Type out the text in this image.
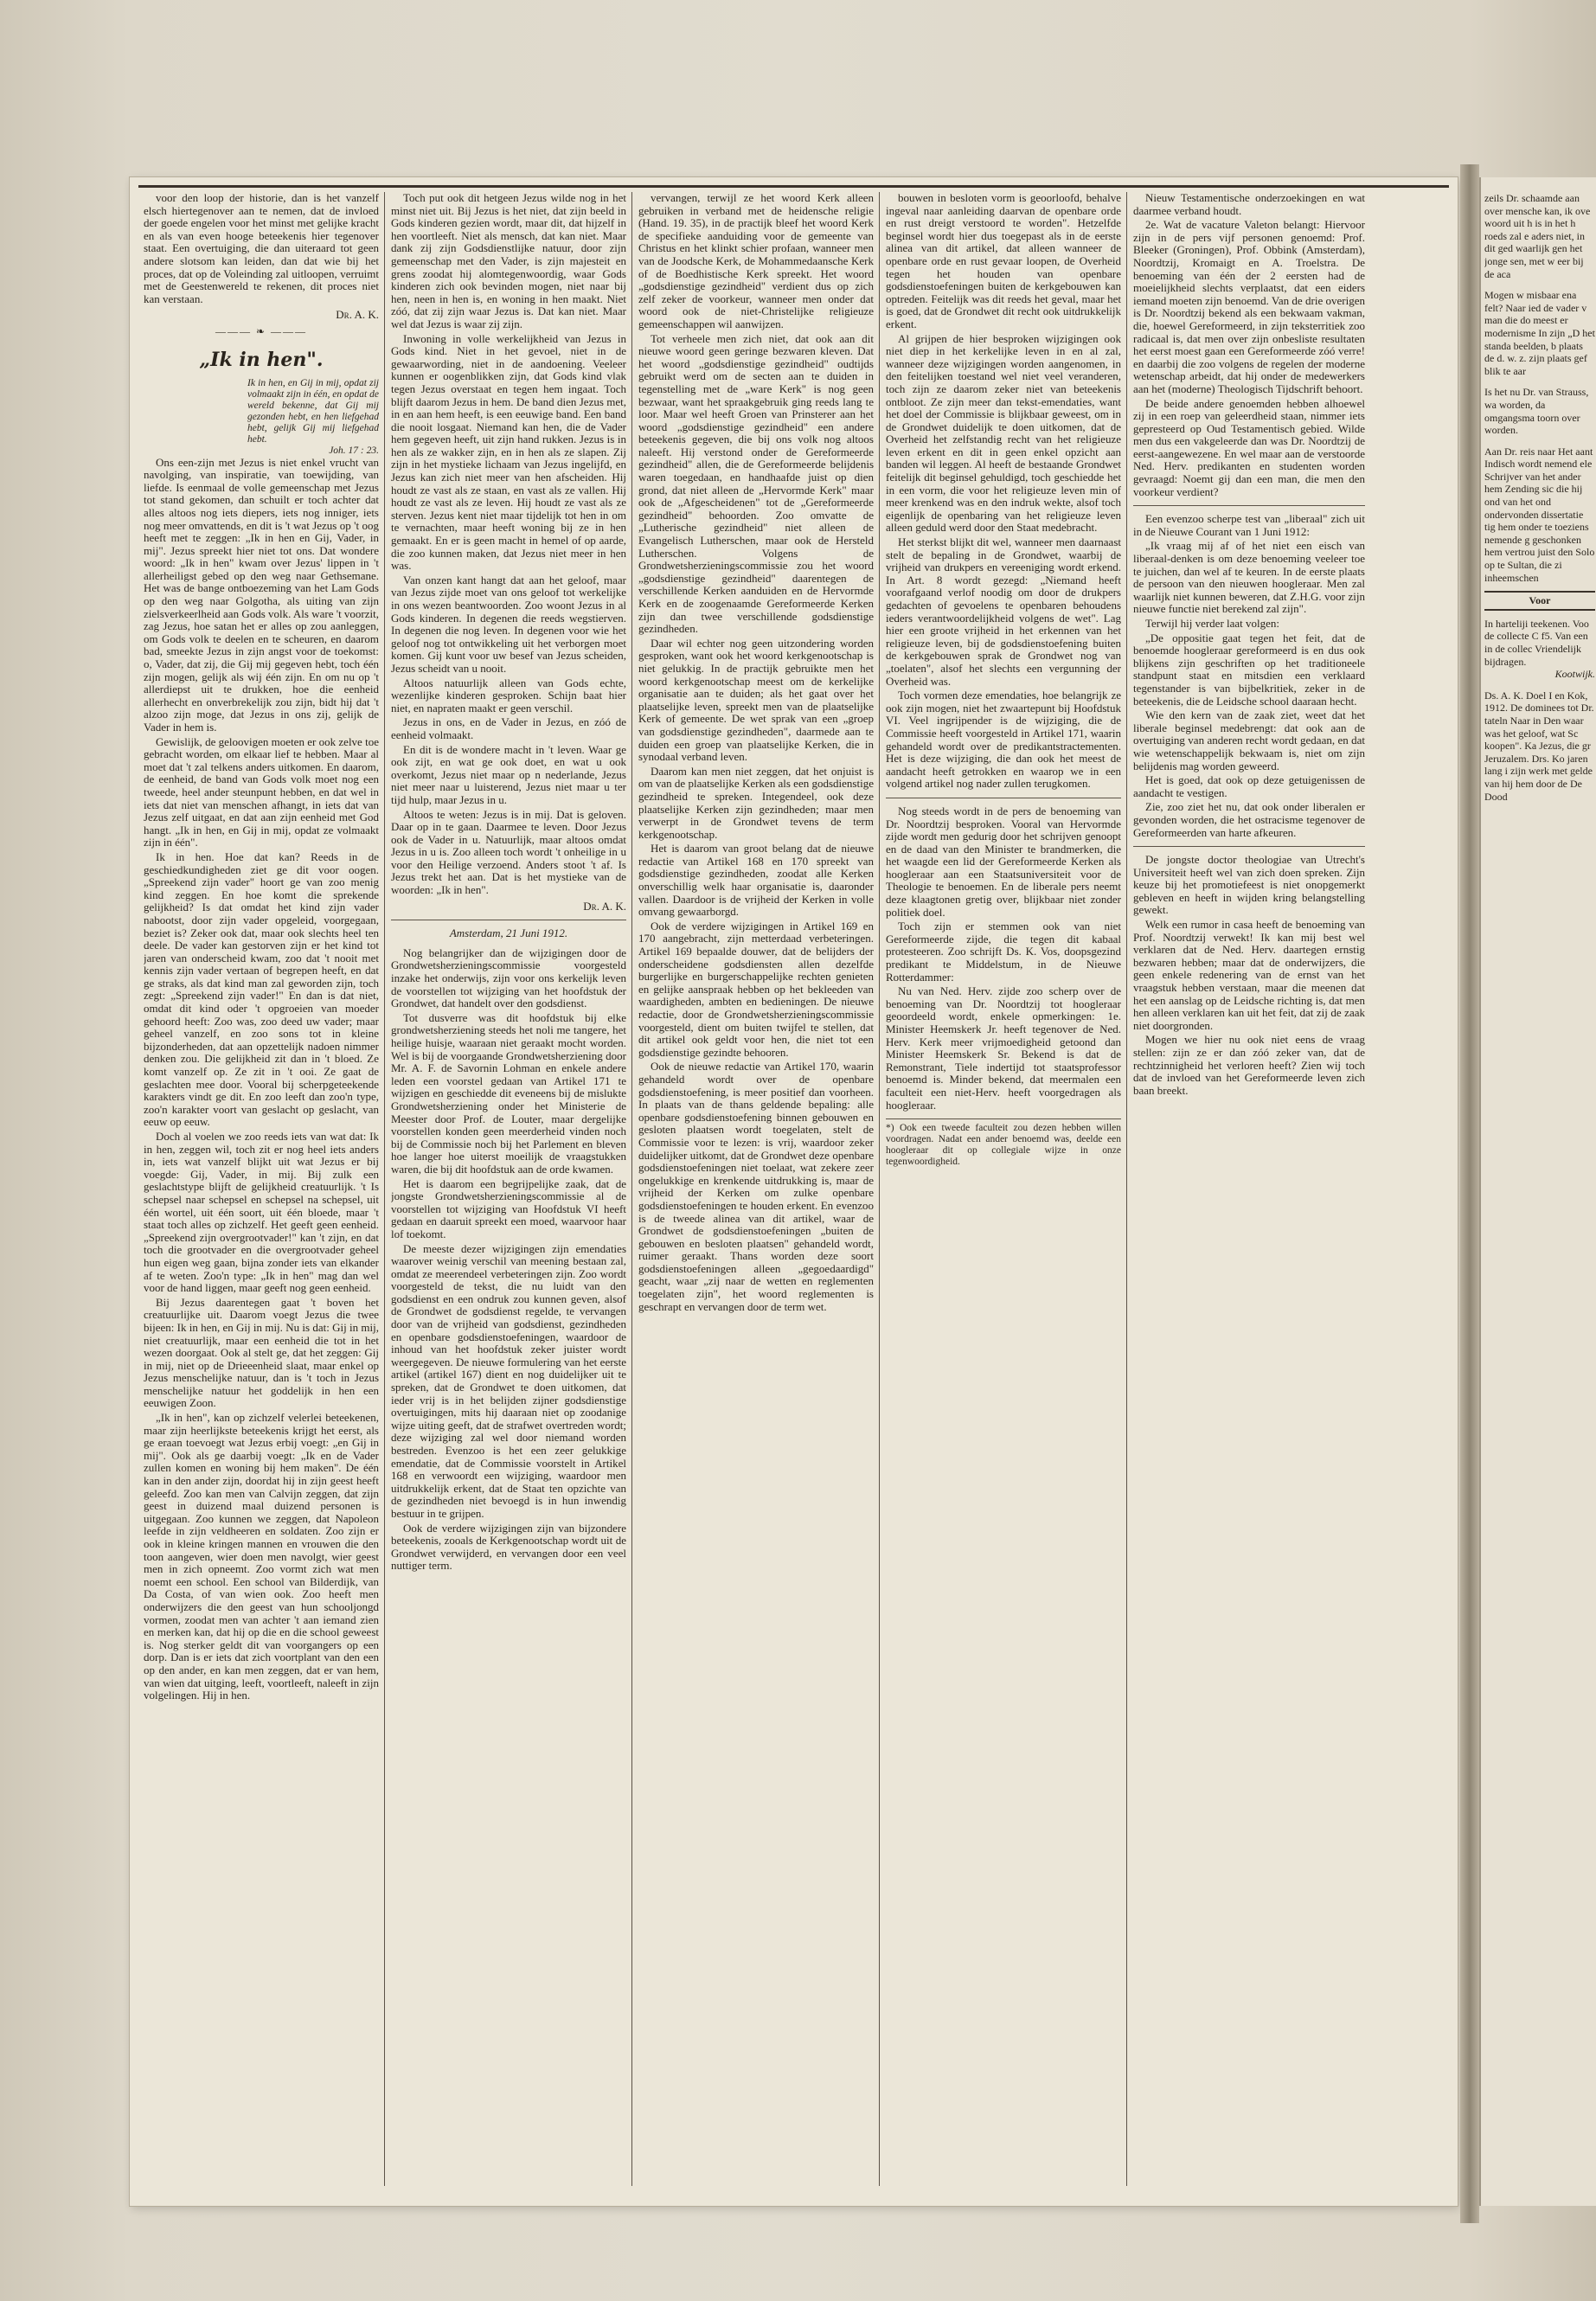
voor den loop der historie, dan is het vanzelf elsch hiertegenover aan te nemen, dat de invloed der goede engelen voor het minst met gelijke kracht en als van even hooge beteekenis hier tegenover staat. Een overtuiging, die dan uiteraard tot geen andere slotsom kan leiden, dan dat wie bij het proces, dat op de Voleinding zal uitloopen, verruimt met de Geestenwereld te rekenen, dit proces niet kan verstaan.

Dr. A. K.
——— ❧ ———
„Ik in hen".
Ik in hen, en Gij in mij, opdat zij volmaakt zijn in één, en opdat de wereld bekenne, dat Gij mij gezonden hebt, en hen liefgehad hebt, gelijk Gij mij liefgehad hebt.
Joh. 17 : 23.

Ons een-zijn met Jezus is niet enkel vrucht van navolging, van inspiratie, van toewijding, van liefde. Is eenmaal de volle gemeenschap met Jezus tot stand gekomen, dan schuilt er toch achter dat alles altoos nog iets diepers, iets nog inniger, iets nog meer omvattends, en dit is 't wat Jezus op 't oog heeft met te zeggen: „Ik in hen en Gij, Vader, in mij". Jezus spreekt hier niet tot ons. Dat wondere woord: „Ik in hen" kwam over Jezus' lippen in 't allerheiligst gebed op den weg naar Gethsemane. Het was de bange ontboezeming van het Lam Gods op den weg naar Golgotha, als uiting van zijn zielsverkeerlheid aan Gods volk. Als ware 't voorzit, zag Jezus, hoe satan het er alles op zou aanleggen, om Gods volk te deelen en te scheuren, en daarom bad, smeekte Jezus in zijn angst voor de toekomst: o, Vader, dat zij, die Gij mij gegeven hebt, toch één zijn mogen, gelijk als wij één zijn. En om nu op 't allerdiepst uit te drukken, hoe die eenheid allerhecht en onverbrekelijk zou zijn, bidt hij dat 't alzoo zijn moge, dat Jezus in ons zij, gelijk de Vader in hem is.

Gewislijk, de geloovigen moeten er ook zelve toe gebracht worden, om elkaar lief te hebben. Maar al moet dat 't zal telkens anders uitkomen. En daarom, de eenheid, de band van Gods volk moet nog een tweede, heel ander steunpunt hebben, en dat wel in iets dat niet van menschen afhangt, in iets dat van Jezus zelf uitgaat, en dat aan zijn eenheid met God hangt. „Ik in hen, en Gij in mij, opdat ze volmaakt zijn in één".

Ik in hen. Hoe dat kan? Reeds in de geschiedkundigheden ziet ge dit voor oogen. „Spreekend zijn vader" hoort ge van zoo menig kind zeggen. En hoe komt die sprekende gelijkheid? Is dat omdat het kind zijn vader nabootst, door zijn vader opgeleid, voorgegaan, beziet is? Zeker ook dat, maar ook slechts heel ten deele. De vader kan gestorven zijn er het kind tot jaren van onderscheid kwam, zoo dat 't nooit met kennis zijn vader vertaan of begrepen heeft, en dat ge straks, als dat kind man zal geworden zijn, toch zegt: „Spreekend zijn vader!" En dan is dat niet, omdat dit kind oder 't opgroeien van moeder gehoord heeft: Zoo was, zoo deed uw vader; maar geheel vanzelf, en zoo sons tot in kleine bijzonderheden, dat aan opzettelijk nadoen nimmer denken zou. Die gelijkheid zit dan in 't bloed. Ze komt vanzelf op. Ze zit in 't ooi. Ze gaat de geslachten mee door. Vooral bij scherpgeteekende karakters vindt ge dit. En zoo leeft dan zoo'n type, zoo'n karakter voort van geslacht op geslacht, van eeuw op eeuw.

Doch al voelen we zoo reeds iets van wat dat: Ik in hen, zeggen wil, toch zit er nog heel iets anders in, iets wat vanzelf blijkt uit wat Jezus er bij voegde: Gij, Vader, in mij. Bij zulk een geslachtstype blijft de gelijkheid creatuurlijk. 't Is schepsel naar schepsel en schepsel na schepsel, uit één wortel, uit één soort, uit één bloede, maar 't staat toch alles op zichzelf. Het geeft geen eenheid. „Spreekend zijn overgrootvader!" kan 't zijn, en dat toch die grootvader en die overgrootvader geheel hun eigen weg gaan, bijna zonder iets van elkander af te weten. Zoo'n type: „Ik in hen" mag dan wel voor de hand liggen, maar geeft nog geen eenheid.

Bij Jezus daarentegen gaat 't boven het creatuurlijke uit. Daarom voegt Jezus die twee bijeen: Ik in hen, en Gij in mij. Nu is dat: Gij in mij, niet creatuurlijk, maar een eenheid die tot in het wezen doorgaat. Ook al stelt ge, dat het zeggen: Gij in mij, niet op de Drieeenheid slaat, maar enkel op Jezus menschelijke natuur, dan is 't toch in Jezus menschelijke natuur het goddelijk in hen een eeuwigen Zoon.

„Ik in hen", kan op zichzelf velerlei beteekenen, maar zijn heerlijkste beteekenis krijgt het eerst, als ge eraan toevoegt wat Jezus erbij voegt: „en Gij in mij". Ook als ge daarbij voegt: „Ik en de Vader zullen komen en woning bij hem maken". De één kan in den ander zijn, doordat hij in zijn geest heeft geleefd. Zoo kan men van Calvijn zeggen, dat zijn geest in duizend maal duizend personen is uitgegaan. Zoo kunnen we zeggen, dat Napoleon leefde in zijn veldheeren en soldaten. Zoo zijn er ook in kleine kringen mannen en vrouwen die den toon aangeven, wier doen men navolgt, wier geest men in zich opneemt. Zoo vormt zich wat men noemt een school. Een school van Bilderdijk, van Da Costa, of van wien ook. Zoo heeft men onderwijzers die den geest van hun schooljongd vormen, zoodat men van achter 't aan iemand zien en merken kan, dat hij op die en die school geweest is. Nog sterker geldt dit van voorgangers op een dorp. Dan is er iets dat zich voortplant van den een op den ander, en kan men zeggen, dat er van hem, van wien dat uitging, leeft, voortleeft, naleeft in zijn volgelingen. Hij in hen.

Toch put ook dit hetgeen Jezus wilde nog in het minst niet uit. Bij Jezus is het niet, dat zijn beeld in Gods kinderen gezien wordt, maar dit, dat hijzelf in hen voortleeft. Niet als mensch, dat kan niet. Maar dank zij zijn Godsdienstlijke natuur, door zijn gemeenschap met den Vader, is zijn majesteit en grens zoodat hij alomtegenwoordig, waar Gods kinderen zich ook bevinden mogen, niet naar bij hen, neen in hen is, en woning in hen maakt. Niet zóó, dat zij zijn waar Jezus is. Dat kan niet. Maar wel dat Jezus is waar zij zijn.

Inwoning in volle werkelijkheid van Jezus in Gods kind. Niet in het gevoel, niet in de gewaarwording, niet in de aandoening. Veeleer kunnen er oogenblikken zijn, dat Gods kind vlak tegen Jezus overstaat en tegen hem ingaat. Toch blijft daarom Jezus in hem. De band dien Jezus met, in en aan hem heeft, is een eeuwige band. Een band die nooit losgaat. Niemand kan hen, die de Vader hem gegeven heeft, uit zijn hand rukken. Jezus is in hen als ze wakker zijn, en in hen als ze slapen. Zij zijn in het mystieke lichaam van Jezus ingelijfd, en Jezus kan zich niet meer van hen afscheiden. Hij houdt ze vast als ze staan, en vast als ze vallen. Hij houdt ze vast als ze leven. Hij houdt ze vast als ze sterven. Jezus kent niet maar tijdelijk tot hen in om te vernachten, maar heeft woning bij ze in hen gemaakt. En er is geen macht in hemel of op aarde, die zoo kunnen maken, dat Jezus niet meer in hen was.

Van onzen kant hangt dat aan het geloof, maar van Jezus zijde moet van ons geloof tot werkelijke in ons wezen beantwoorden. Zoo woont Jezus in al Gods kinderen. In degenen die reeds wegstierven. In degenen die nog leven. In degenen voor wie het geloof nog tot ontwikkeling uit het verborgen moet komen. Gij kunt voor uw besef van Jezus scheiden, Jezus scheidt van u nooit.

Altoos natuurlijk alleen van Gods echte, wezenlijke kinderen gesproken. Schijn baat hier niet, en napraten maakt er geen verschil.

Jezus in ons, en de Vader in Jezus, en zóó de eenheid volmaakt.

En dit is de wondere macht in 't leven. Waar ge ook zijt, en wat ge ook doet, en wat u ook overkomt, Jezus niet maar op n nederlande, Jezus niet meer naar u luisterend, Jezus niet maar u ter tijd hulp, maar Jezus in u.

Altoos te weten: Jezus is in mij. Dat is geloven. Daar op in te gaan. Daarmee te leven. Door Jezus ook de Vader in u. Natuurlijk, maar altoos omdat Jezus in u is. Zoo alleen toch wordt 't onheilige in u voor den Heilige verzoend. Anders stoot 't af. Is Jezus trekt het aan. Dat is het mystieke van de woorden: „Ik in hen".

Dr. A. K.
Amsterdam, 21 Juni 1912.

Nog belangrijker dan de wijzigingen door de Grondwetsherzieningscommissie voorgesteld inzake het onderwijs, zijn voor ons kerkelijk leven de voorstellen tot wijziging van het hoofdstuk der Grondwet, dat handelt over den godsdienst.

Tot dusverre was dit hoofdstuk bij elke grondwetsherziening steeds het noli me tangere, het heilige huisje, waaraan niet geraakt mocht worden. Wel is bij de voorgaande Grondwetsherziening door Mr. A. F. de Savornin Lohman en enkele andere leden een voorstel gedaan van Artikel 171 te wijzigen en geschiedde dit eveneens bij de mislukte Grondwetsherziening onder het Ministerie de Meester door Prof. de Louter, maar dergelijke voorstellen konden geen meerderheid vinden noch bij de Commissie noch bij het Parlement en bleven hoe langer hoe uiterst moeilijk de vraagstukken waren, die bij dit hoofdstuk aan de orde kwamen.

Het is daarom een begrijpelijke zaak, dat de jongste Grondwetsherzieningscommissie al de voorstellen tot wijziging van Hoofdstuk VI heeft gedaan en daaruit spreekt een moed, waarvoor haar lof toekomt.

De meeste dezer wijzigingen zijn emendaties waarover weinig verschil van meening bestaan zal, omdat ze meerendeel verbeteringen zijn. Zoo wordt voorgesteld de tekst, die nu luidt van den godsdienst en een ondruk zou kunnen geven, alsof de Grondwet de godsdienst regelde, te vervangen door van de vrijheid van godsdienst, gezindheden en openbare godsdienstoefeningen, waardoor de inhoud van het hoofdstuk zeker juister wordt weergegeven. De nieuwe formulering van het eerste artikel (artikel 167) dient en nog duidelijker uit te spreken, dat de Grondwet te doen uitkomen, dat ieder vrij is in het belijden zijner godsdienstige overtuigingen, mits hij daaraan niet op zoodanige wijze uiting geeft, dat de strafwet overtreden wordt; deze wijziging zal wel door niemand worden bestreden. Evenzoo is het een zeer gelukkige emendatie, dat de Commissie voorstelt in Artikel 168 en verwoordt een wijziging, waardoor men uitdrukkelijk erkent, dat de Staat ten opzichte van de gezindheden niet bevoegd is in hun inwendig bestuur in te grijpen.

Ook de verdere wijzigingen zijn van bijzondere beteekenis, zooals de Kerkgenootschap wordt uit de Grondwet verwijderd, en vervangen door een veel nuttiger term.

vervangen, terwijl ze het woord Kerk alleen gebruiken in verband met de heidensche religie (Hand. 19. 35), in de practijk bleef het woord Kerk de specifieke aanduiding voor de gemeente van Christus en het klinkt schier profaan, wanneer men van de Joodsche Kerk, de Mohammedaansche Kerk of de Boedhistische Kerk spreekt. Het woord „godsdienstige gezindheid" verdient dus op zich zelf zeker de voorkeur, wanneer men onder dat woord ook de niet-Christelijke religieuze gemeenschappen wil aanwijzen.

Tot verheele men zich niet, dat ook aan dit nieuwe woord geen geringe bezwaren kleven. Dat het woord „godsdienstige gezindheid" oudtijds gebruikt werd om de secten aan te duiden in tegenstelling met de „ware Kerk" is nog geen bezwaar, want het spraakgebruik ging reeds lang te loor. Maar wel heeft Groen van Prinsterer aan het woord „godsdienstige gezindheid" een andere beteekenis gegeven, die bij ons volk nog altoos naleeft. Hij verstond onder de Gereformeerde gezindheid" allen, die de Gereformeerde belijdenis waren toegedaan, en handhaafde juist op dien grond, dat niet alleen de „Hervormde Kerk" maar ook de „Afgescheidenen" tot de „Gereformeerde gezindheid" behoorden. Zoo omvatte de „Lutherische gezindheid" niet alleen de Evangelisch Lutherschen, maar ook de Hersteld Lutherschen. Volgens de Grondwetsherzieningscommissie zou het woord „godsdienstige gezindheid" daarentegen de verschillende Kerken aanduiden en de Hervormde Kerk en de zoogenaamde Gereformeerde Kerken zijn dan twee verschillende godsdienstige gezindheden.

Daar wil echter nog geen uitzondering worden gesproken, want ook het woord kerkgenootschap is niet gelukkig. In de practijk gebruikte men het woord kerkgenootschap meest om de kerkelijke organisatie aan te duiden; als het gaat over het plaatselijke leven, spreekt men van de plaatselijke Kerk of gemeente. De wet sprak van een „groep van godsdienstige gezindheden", daarmede aan te duiden een groep van plaatselijke Kerken, die in synodaal verband leven.

Daarom kan men niet zeggen, dat het onjuist is om van de plaatselijke Kerken als een godsdienstige gezindheid te spreken. Integendeel, ook deze plaatselijke Kerken zijn gezindheden; maar men verwerpt in de Grondwet tevens de term kerkgenootschap.

Het is daarom van groot belang dat de nieuwe redactie van Artikel 168 en 170 spreekt van godsdienstige gezindheden, zoodat alle Kerken onverschillig welk haar organisatie is, daaronder vallen. Daardoor is de vrijheid der Kerken in volle omvang gewaarborgd.

Ook de verdere wijzigingen in Artikel 169 en 170 aangebracht, zijn metterdaad verbeteringen. Artikel 169 bepaalde douwer, dat de belijders der onderscheidene godsdiensten allen dezelfde burgerlijke en burgerschappelijke rechten genieten en gelijke aanspraak hebben op het bekleeden van waardigheden, ambten en bedieningen. De nieuwe redactie, door de Grondwetsherzieningscommissie voorgesteld, dient om buiten twijfel te stellen, dat dit artikel ook geldt voor hen, die niet tot een godsdienstige gezindte behooren.

Ook de nieuwe redactie van Artikel 170, waarin gehandeld wordt over de openbare godsdienstoefening, is meer positief dan voorheen. In plaats van de thans geldende bepaling: alle openbare godsdienstoefening binnen gebouwen en gesloten plaatsen wordt toegelaten, stelt de Commissie voor te lezen: is vrij, waardoor zeker duidelijker uitkomt, dat de Grondwet deze openbare godsdienstoefeningen niet toelaat, wat zekere zeer ongelukkige en krenkende uitdrukking is, maar de vrijheid der Kerken om zulke openbare godsdienstoefeningen te houden erkent. En evenzoo is de tweede alinea van dit artikel, waar de Grondwet de godsdienstoefeningen „buiten de gebouwen en besloten plaatsen" gehandeld wordt, ruimer geraakt. Thans worden deze soort godsdienstoefeningen alleen „gegoedaardigd" geacht, waar „zij naar de wetten en reglementen toegelaten zijn", het woord reglementen is geschrapt en vervangen door de term wet.

bouwen in besloten vorm is geoorloofd, behalve ingeval naar aanleiding daarvan de openbare orde en rust dreigt verstoord te worden". Hetzelfde beginsel wordt hier dus toegepast als in de eerste alinea van dit artikel, dat alleen wanneer de openbare orde en rust gevaar loopen, de Overheid tegen het houden van openbare godsdienstoefeningen buiten de kerkgebouwen kan optreden. Feitelijk was dit reeds het geval, maar het is goed, dat de Grondwet dit recht ook uitdrukkelijk erkent.

Al grijpen de hier besproken wijzigingen ook niet diep in het kerkelijke leven in en al zal, wanneer deze wijzigingen worden aangenomen, in den feitelijken toestand wel niet veel veranderen, toch zijn ze daarom zeker niet van beteekenis ontbloot. Ze zijn meer dan tekst-emendaties, want het doel der Commissie is blijkbaar geweest, om in de Grondwet duidelijk te doen uitkomen, dat de Overheid het zelfstandig recht van het religieuze leven erkent en dit in geen enkel opzicht aan banden wil leggen. Al heeft de bestaande Grondwet feitelijk dit beginsel gehuldigd, toch geschiedde het in een vorm, die voor het religieuze leven min of meer krenkend was en den indruk wekte, alsof toch eigenlijk de openbaring van het religieuze leven alleen geduld werd door den Staat medebracht.

Het sterkst blijkt dit wel, wanneer men daarnaast stelt de bepaling in de Grondwet, waarbij de vrijheid van drukpers en vereeniging wordt erkend. In Art. 8 wordt gezegd: „Niemand heeft voorafgaand verlof noodig om door de drukpers gedachten of gevoelens te openbaren behoudens ieders verantwoordelijkheid volgens de wet". Lag hier een groote vrijheid in het erkennen van het religieuze leven, bij de godsdienstoefening buiten de kerkgebouwen sprak de Grondwet nog van „toelaten", alsof het slechts een vergunning der Overheid was.

Toch vormen deze emendaties, hoe belangrijk ze ook zijn mogen, niet het zwaartepunt bij Hoofdstuk VI. Veel ingrijpender is de wijziging, die de Commissie heeft voorgesteld in Artikel 171, waarin gehandeld wordt over de predikantstractementen. Het is deze wijziging, die dan ook het meest de aandacht heeft getrokken en waarop we in een volgend artikel nog nader zullen terugkomen.

Nog steeds wordt in de pers de benoeming van Dr. Noordtzij besproken. Vooral van Hervormde zijde wordt men gedurig door het schrijven genoopt en de daad van den Minister te brandmerken, die het waagde een lid der Gereformeerde Kerken als hoogleraar aan een Staatsuniversiteit voor de Theologie te benoemen. En de liberale pers neemt deze klaagtonen gretig over, blijkbaar niet zonder politiek doel.

Toch zijn er stemmen ook van niet Gereformeerde zijde, die tegen dit kabaal protesteeren. Zoo schrijft Ds. K. Vos, doopsgezind predikant te Middelstum, in de Nieuwe Rotterdammer:

Nu van Ned. Herv. zijde zoo scherp over de benoeming van Dr. Noordtzij tot hoogleraar geoordeeld wordt, enkele opmerkingen: 1e. Minister Heemskerk Jr. heeft tegenover de Ned. Herv. Kerk meer vrijmoedigheid getoond dan Minister Heemskerk Sr. Bekend is dat de Remonstrant, Tiele indertijd tot staatsprofessor benoemd is. Minder bekend, dat meermalen een faculteit een niet-Herv. heeft voorgedragen als hoogleraar.

*) Ook een tweede faculteit zou dezen hebben willen voordragen. Nadat een ander benoemd was, deelde een hoogleraar dit op collegiale wijze in onze tegenwoordigheid.

Nieuw Testamentische onderzoekingen en wat daarmee verband houdt.

2e. Wat de vacature Valeton belangt: Hiervoor zijn in de pers vijf personen genoemd: Prof. Bleeker (Groningen), Prof. Obbink (Amsterdam), Noordtzij, Kromaigt en A. Troelstra. De benoeming van één der 2 eersten had de moeielijkheid slechts verplaatst, dat een eiders iemand moeten zijn benoemd. Van de drie overigen is Dr. Noordtzij bekend als een bekwaam vakman, die, hoewel Gereformeerd, in zijn teksterritiek zoo radicaal is, dat men over zijn onbesliste resultaten het eerst moest gaan een Gereformeerde zóó verre! en daarbij die zoo volgens de regelen der moderne wetenschap arbeidt, dat hij onder de medewerkers aan het (moderne) Theologisch Tijdschrift behoort.

De beide andere genoemden hebben alhoewel zij in een roep van geleerdheid staan, nimmer iets gepresteerd op Oud Testamentisch gebied. Wilde men dus een vakgeleerde dan was Dr. Noordtzij de eerst-aangewezene. En wel maar aan de verstoorde Ned. Herv. predikanten en studenten worden gevraagd: Noemt gij dan een man, die men den voorkeur verdient?

Een evenzoo scherpe test van „liberaal" zich uit in de Nieuwe Courant van 1 Juni 1912:

„Ik vraag mij af of het niet een eisch van liberaal-denken is om deze benoeming veeleer toe te juichen, dan wel af te keuren. In de eerste plaats de persoon van den nieuwen hoogleraar. Men zal waarlijk niet kunnen beweren, dat Z.H.G. voor zijn nieuwe functie niet berekend zal zijn".

Terwijl hij verder laat volgen:

„De oppositie gaat tegen het feit, dat de benoemde hoogleraar gereformeerd is en dus ook blijkens zijn geschriften op het traditioneele standpunt staat en mitsdien een verklaard tegenstander is van bijbelkritiek, zeker in de beteekenis, die de Leidsche school daaraan hecht.

Wie den kern van de zaak ziet, weet dat het liberale beginsel medebrengt: dat ook aan de overtuiging van anderen recht wordt gedaan, en dat wie wetenschappelijk bekwaam is, niet om zijn belijdenis mag worden geweerd.

Het is goed, dat ook op deze getuigenissen de aandacht te vestigen.

Zie, zoo ziet het nu, dat ook onder liberalen er gevonden worden, die het ostracisme tegenover de Gereformeerden van harte afkeuren.

De jongste doctor theologiae van Utrecht's Universiteit heeft wel van zich doen spreken. Zijn keuze bij het promotiefeest is niet onopgemerkt gebleven en heeft in wijden kring belangstelling gewekt.

Welk een rumor in casa heeft de benoeming van Prof. Noordtzij verwekt! Ik kan mij best wel verklaren dat de Ned. Herv. daartegen ernstig bezwaren hebben; maar dat de onderwijzers, die geen enkele redenering van de ernst van het vraagstuk hebben verstaan, maar die meenen dat het een aanslag op de Leidsche richting is, dat men hen alleen verklaren kan uit het feit, dat zij de zaak niet doorgronden.

Mogen we hier nu ook niet eens de vraag stellen: zijn ze er dan zóó zeker van, dat de rechtzinnigheid het verloren heeft? Zien wij toch dat de invloed van het Gereformeerde leven zich baan breekt.

zeils Dr. schaamde aan over mensche kan, ik ove woord uit h is in het h roeds zal e aders niet, in dit ged waarlijk gen het jonge sen, met w eer bij de aca
Mogen w misbaar ena felt? Naar ied de vader v man die do meest er modernisme In zijn „D het standa beelden, b plaats de d. w. z. zijn plaats gef blik te aar
Is het nu Dr. van Strauss, wa worden, da omgangsma toorn over worden.
Aan Dr. reis naar Het aant Indisch wordt nemend ele Schrijver van het ander hem Zending sic die hij ond van het ond ondervonden dissertatie tig hem onder te toeziens nemende g geschonken hem vertrou juist den Solo op te Sultan, die zi inheemschen
Voor
In harteliji teekenen. Voo de collecte C f5. Van een in de collec Vriendelijk bijdragen.
Kootwijk.
Ds. A. K. Doel I en Kok, 1912. De dominees tot Dr. tateln Naar in Den waar was het geloof, wat Sc koopen". Ka Jezus, die gr Jeruzalem. Drs. Ko jaren lang i zijn werk met gelde van hij hem door de De Dood
